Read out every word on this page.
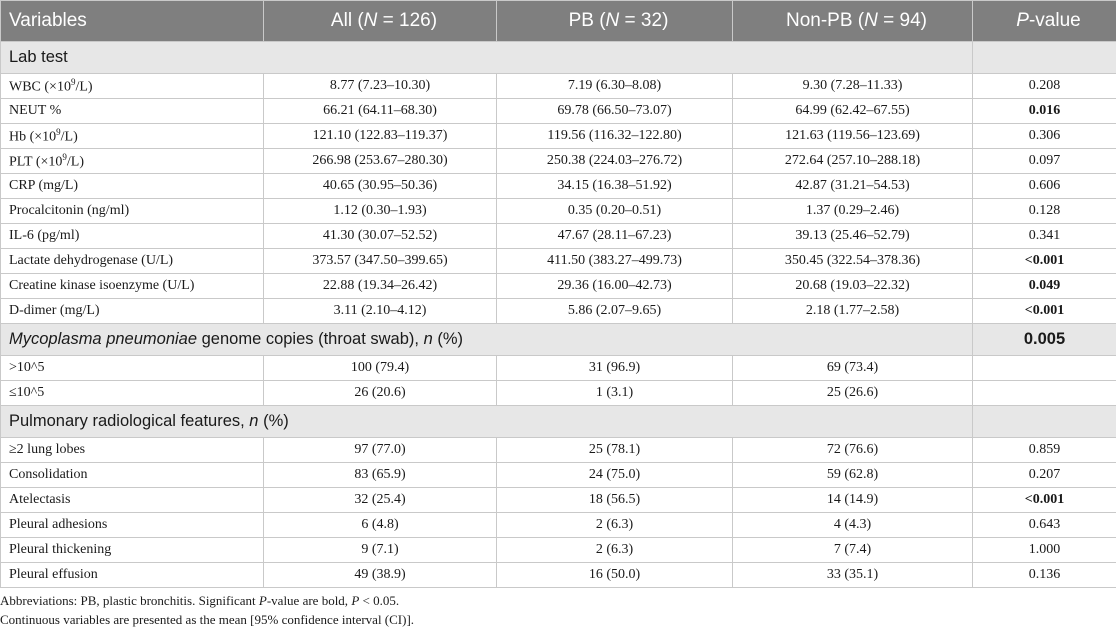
Variables	All (N = 126)	PB (N = 32)	Non-PB (N = 94)	P-value
Lab test				
WBC $(\times 10^9/L)$	8.77 (7.23–10.30)	7.19 (6.30–8.08)	9.30 (7.28–11.33)	0.208
NEUT %	66.21 (64.11–68.30)	69.78 (66.50–73.07)	64.99 (62.42–67.55)	0.016
Hb $(\times 10^9/L)$	121.10 (122.83–119.37)	119.56 (116.32–122.80)	121.63 (119.56–123.69)	0.306
PLT $(\times 10^9/L)$	266.98 (253.67–280.30)	250.38 (224.03–276.72)	272.64 (257.10–288.18)	0.097
CRP (mg/L)	40.65 (30.95–50.36)	34.15 (16.38–51.92)	42.87 (31.21–54.53)	0.606
Procalcitonin (ng/ml)	1.12 (0.30–1.93)	0.35 (0.20–0.51)	1.37 (0.29–2.46)	0.128
IL-6 (pg/ml)	41.30 (30.07–52.52)	47.67 (28.11–67.23)	39.13 (25.46–52.79)	0.341
Lactate dehydrogenase (U/L)	373.57 (347.50–399.65)	411.50 (383.27–499.73)	350.45 (322.54–378.36)	<0.001
Creatine kinase isoenzyme (U/L)	22.88 (19.34–26.42)	29.36 (16.00–42.73)	20.68 (19.03–22.32)	0.049
D-dimer (mg/L)	3.11 (2.10–4.12)	5.86 (2.07–9.65)	2.18 (1.77–2.58)	<0.001
Mycoplasma pneumoniae genome copies (throat swab), n (%)				0.005
>10^5	100 (79.4)	31 (96.9)	69 (73.4)	
≤10^5	26 (20.6)	1 (3.1)	25 (26.6)	
Pulmonary radiological features, n (%)				
≥2 lung lobes	97 (77.0)	25 (78.1)	72 (76.6)	0.859
Consolidation	83 (65.9)	24 (75.0)	59 (62.8)	0.207
Atelectasis	32 (25.4)	18 (56.5)	14 (14.9)	<0.001
Pleural adhesions	6 (4.8)	2 (6.3)	4 (4.3)	0.643
Pleural thickening	9 (7.1)	2 (6.3)	7 (7.4)	1.000
Pleural effusion	49 (38.9)	16 (50.0)	33 (35.1)	0.136
Abbreviations: PB, plastic bronchitis. Significant P-value are bold, P < 0.05.
Continuous variables are presented as the mean [95% confidence interval (CI)].
